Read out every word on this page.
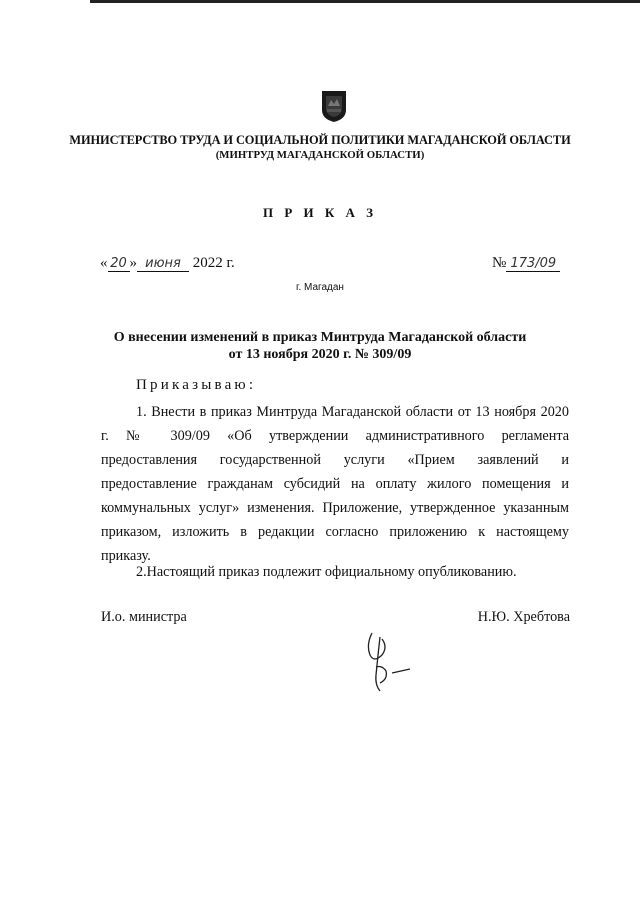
МИНИСТЕРСТВО ТРУДА И СОЦИАЛЬНОЙ ПОЛИТИКИ МАГАДАНСКОЙ ОБЛАСТИ
(МИНТРУД МАГАДАНСКОЙ ОБЛАСТИ)
П Р И К А З
« 20 » июня 2022 г.	№ 173/09
г. Магадан
О внесении изменений в приказ Минтруда Магаданской области
от 13 ноября 2020 г. № 309/09
Приказываю:
1. Внести в приказ Минтруда Магаданской области от 13 ноября 2020 г. № 309/09 «Об утверждении административного регламента предоставления государственной услуги «Прием заявлений и предоставление гражданам субсидий на оплату жилого помещения и коммунальных услуг» изменения. Приложение, утвержденное указанным приказом, изложить в редакции согласно приложению к настоящему приказу.
2.Настоящий приказ подлежит официальному опубликованию.
И.о. министра	Н.Ю. Хребтова
